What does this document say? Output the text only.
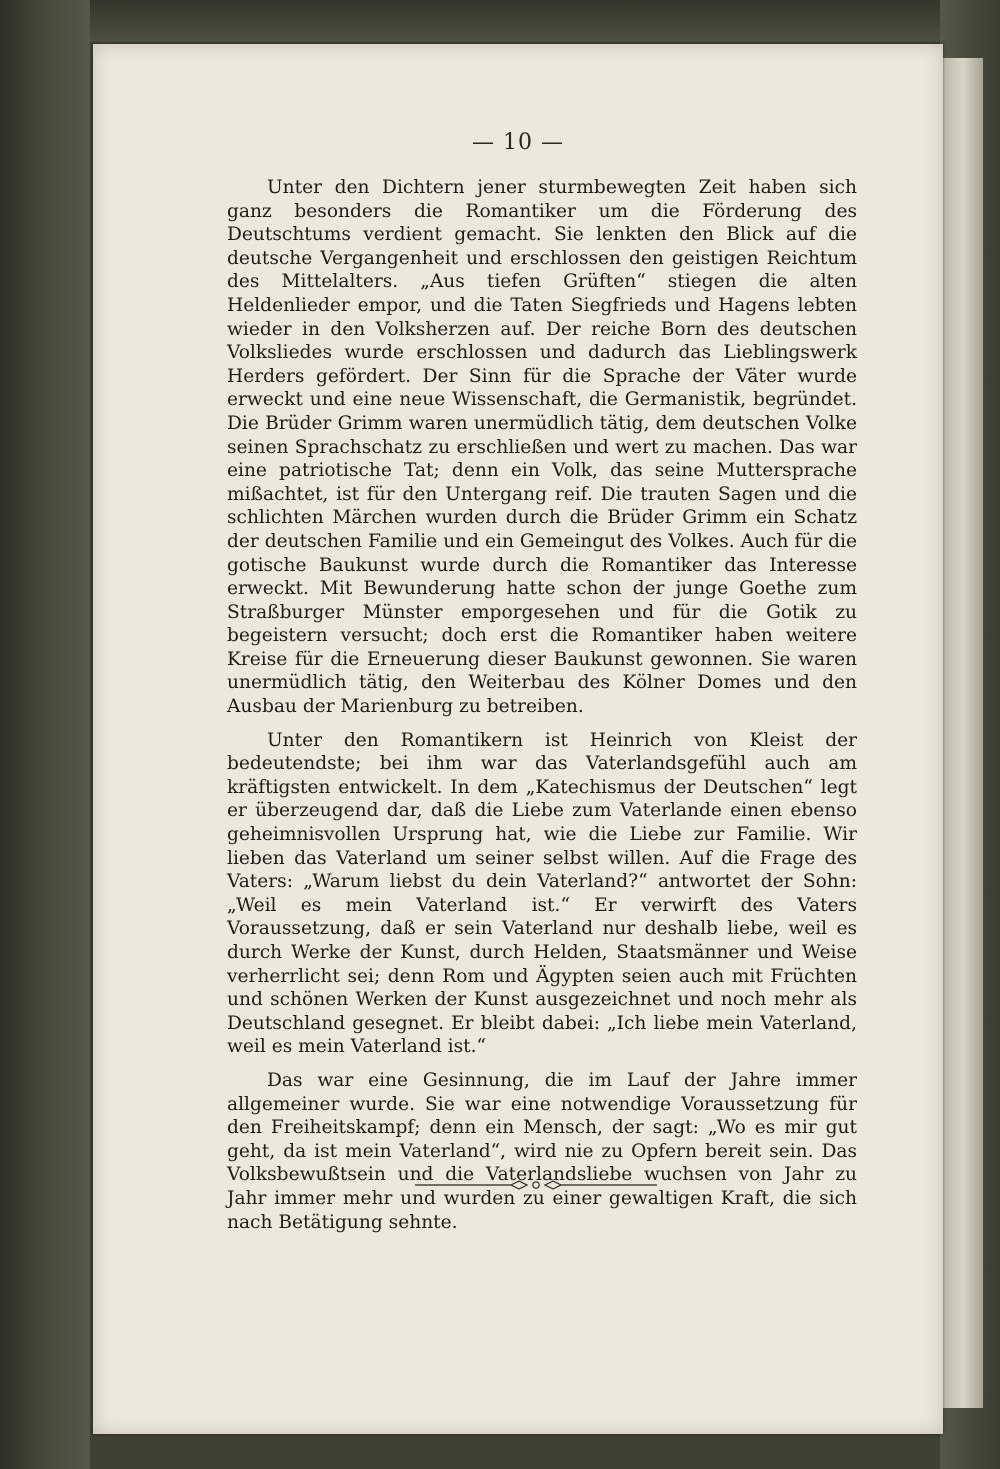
— 10 —

Unter den Dichtern jener sturmbewegten Zeit haben sich ganz besonders die Romantiker um die Förderung des Deutschtums verdient gemacht. Sie lenkten den Blick auf die deutsche Vergangenheit und erschlossen den geistigen Reichtum des Mittelalters. „Aus tiefen Grüften“ stiegen die alten Heldenlieder empor, und die Taten Siegfrieds und Hagens lebten wieder in den Volksherzen auf. Der reiche Born des deutschen Volksliedes wurde erschlossen und dadurch das Lieblingswerk Herders gefördert. Der Sinn für die Sprache der Väter wurde erweckt und eine neue Wissenschaft, die Germanistik, begründet. Die Brüder Grimm waren unermüdlich tätig, dem deutschen Volke seinen Sprachschatz zu erschließen und wert zu machen. Das war eine patriotische Tat; denn ein Volk, das seine Muttersprache mißachtet, ist für den Untergang reif. Die trauten Sagen und die schlichten Märchen wurden durch die Brüder Grimm ein Schatz der deutschen Familie und ein Gemeingut des Volkes. Auch für die gotische Baukunst wurde durch die Romantiker das Interesse erweckt. Mit Bewunderung hatte schon der junge Goethe zum Straßburger Münster emporgesehen und für die Gotik zu begeistern versucht; doch erst die Romantiker haben weitere Kreise für die Erneuerung dieser Baukunst gewonnen. Sie waren unermüdlich tätig, den Weiterbau des Kölner Domes und den Ausbau der Marienburg zu betreiben.

Unter den Romantikern ist Heinrich von Kleist der bedeutendste; bei ihm war das Vaterlandsgefühl auch am kräftigsten entwickelt. In dem „Katechismus der Deutschen“ legt er überzeugend dar, daß die Liebe zum Vaterlande einen ebenso geheimnisvollen Ursprung hat, wie die Liebe zur Familie. Wir lieben das Vaterland um seiner selbst willen. Auf die Frage des Vaters: „Warum liebst du dein Vaterland?“ antwortet der Sohn: „Weil es mein Vaterland ist.“ Er verwirft des Vaters Voraussetzung, daß er sein Vaterland nur deshalb liebe, weil es durch Werke der Kunst, durch Helden, Staatsmänner und Weise verherrlicht sei; denn Rom und Ägypten seien auch mit Früchten und schönen Werken der Kunst ausgezeichnet und noch mehr als Deutschland gesegnet. Er bleibt dabei: „Ich liebe mein Vaterland, weil es mein Vaterland ist.“

Das war eine Gesinnung, die im Lauf der Jahre immer allgemeiner wurde. Sie war eine notwendige Voraussetzung für den Freiheitskampf; denn ein Mensch, der sagt: „Wo es mir gut geht, da ist mein Vaterland“, wird nie zu Opfern bereit sein. Das Volksbewußtsein und die Vaterlandsliebe wuchsen von Jahr zu Jahr immer mehr und wurden zu einer gewaltigen Kraft, die sich nach Betätigung sehnte.
